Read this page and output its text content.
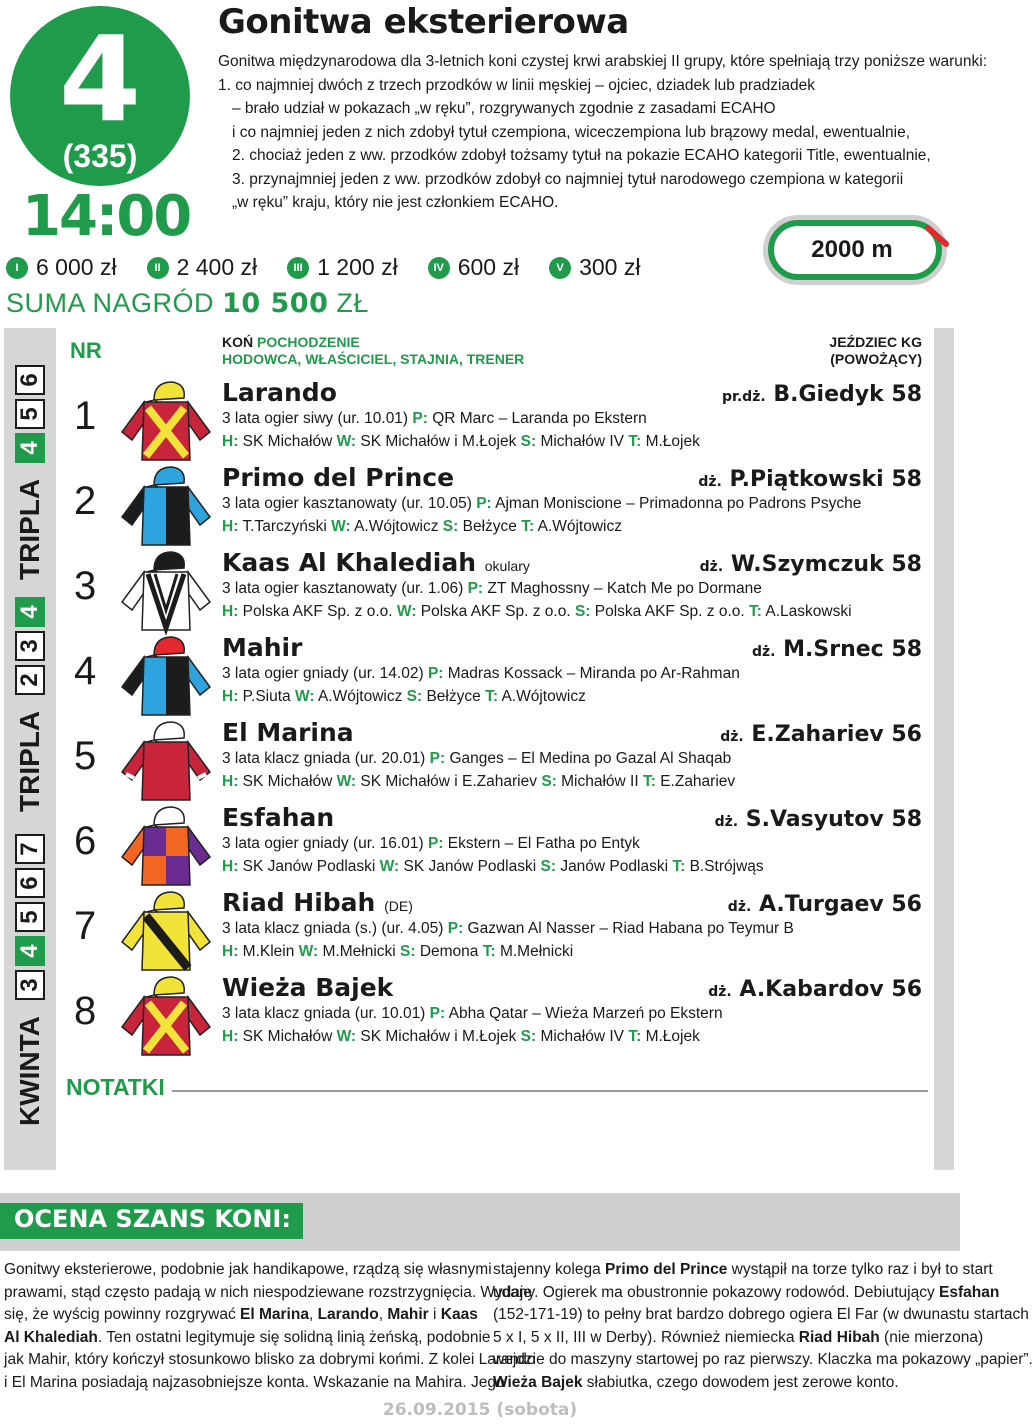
4
(335)
14:00
Gonitwa eksterierowa
Gonitwa międzynarodowa dla 3-letnich koni czystej krwi arabskiej II grupy, które spełniają trzy poniższe warunki:
1. co najmniej dwóch z trzech przodków w linii męskiej – ojciec, dziadek lub pradziadek
– brało udział w pokazach „w ręku”, rozgrywanych zgodnie z zasadami ECAHO
i co najmniej jeden z nich zdobył tytuł czempiona, wiceczempiona lub brązowy medal, ewentualnie,
2. chociaż jeden z ww. przodków zdobył tożsamy tytuł na pokazie ECAHO kategorii Title, ewentualnie,
3. przynajmniej jeden z ww. przodków zdobył co najmniej tytuł narodowego czempiona w kategorii
„w ręku” kraju, który nie jest członkiem ECAHO.
2000 m
I 6 000 zł	II 2 400 zł	III 1 200 zł	IV 600 zł	V 300 zł
SUMA NAGRÓD 10 500 ZŁ
KWINTA
3
4
5
6
7
TRIPLA
2
3
4
TRIPLA
4
5
6
NR	KOŃ POCHODZENIE
HODOWCA, WŁAŚCICIEL, STAJNIA, TRENER
JEŹDZIEC KG
(POWOŻĄCY)
1
Larando	pr.dż. B.Giedyk 58
3 lata ogier siwy (ur. 10.01) P: QR Marc – Laranda po Ekstern
H: SK Michałów W: SK Michałów i M.Łojek S: Michałów IV T: M.Łojek
2
Primo del Prince	dż. P.Piątkowski 58
3 lata ogier kasztanowaty (ur. 10.05) P: Ajman Moniscione – Primadonna po Padrons Psyche
H: T.Tarczyński W: A.Wójtowicz S: Bełżyce T: A.Wójtowicz
3
Kaas Al Khalediah okulary	dż. W.Szymczuk 58
3 lata ogier kasztanowaty (ur. 1.06) P: ZT Maghossny – Katch Me po Dormane
H: Polska AKF Sp. z o.o. W: Polska AKF Sp. z o.o. S: Polska AKF Sp. z o.o. T: A.Laskowski
4
Mahir	dż. M.Srnec 58
3 lata ogier gniady (ur. 14.02) P: Madras Kossack – Miranda po Ar-Rahman
H: P.Siuta W: A.Wójtowicz S: Bełżyce T: A.Wójtowicz
5
El Marina	dż. E.Zahariev 56
3 lata klacz gniada (ur. 20.01) P: Ganges – El Medina po Gazal Al Shaqab
H: SK Michałów W: SK Michałów i E.Zahariev S: Michałów II T: E.Zahariev
6
Esfahan	dż. S.Vasyutov 58
3 lata ogier gniady (ur. 16.01) P: Ekstern – El Fatha po Entyk
H: SK Janów Podlaski W: SK Janów Podlaski S: Janów Podlaski T: B.Strójwąs
7
Riad Hibah (DE)	dż. A.Turgaev 56
3 lata klacz gniada (s.) (ur. 4.05) P: Gazwan Al Nasser – Riad Habana po Teymur B
H: M.Klein W: M.Mełnicki S: Demona T: M.Mełnicki
8
Wieża Bajek	dż. A.Kabardov 56
3 lata klacz gniada (ur. 10.01) P: Abha Qatar – Wieża Marzeń po Ekstern
H: SK Michałów W: SK Michałów i M.Łojek S: Michałów IV T: M.Łojek
NOTATKI
OCENA SZANS KONI:
Gonitwy eksterierowe, podobnie jak handikapowe, rządzą się własnymi
prawami, stąd często padają w nich niespodziewane rozstrzygnięcia. Wydaje
się, że wyścig powinny rozgrywać El Marina, Larando, Mahir i Kaas
Al Khalediah. Ten ostatni legitymuje się solidną linią żeńską, podobnie
jak Mahir, który kończył stosunkowo blisko za dobrymi końmi. Z kolei Larando
i El Marina posiadają najzasobniejsze konta. Wskazanie na Mahira. Jego
stajenny kolega Primo del Prince wystąpił na torze tylko raz i był to start
udany. Ogierek ma obustronnie pokazowy rodowód. Debiutujący Esfahan
(152-171-19) to pełny brat bardzo dobrego ogiera El Far (w dwunastu startach
5 x I, 5 x II, III w Derby). Również niemiecka Riad Hibah (nie mierzona)
wejdzie do maszyny startowej po raz pierwszy. Klaczka ma pokazowy „papier”.
Wieża Bajek słabiutka, czego dowodem jest zerowe konto.
26.09.2015 (sobota)
